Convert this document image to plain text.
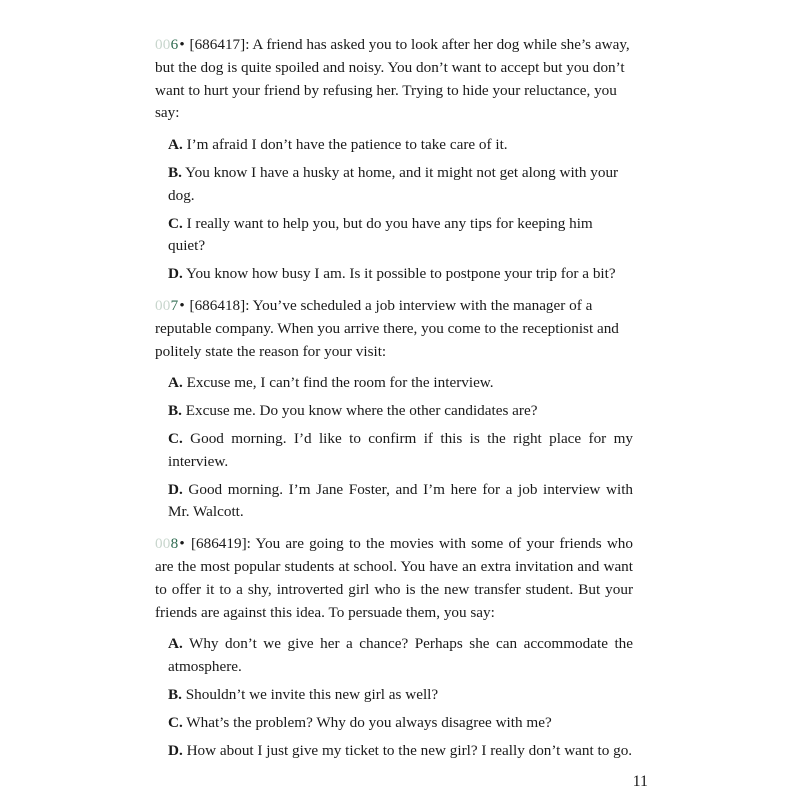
006• [686417]: A friend has asked you to look after her dog while she’s away, but the dog is quite spoiled and noisy. You don’t want to accept but you don’t want to hurt your friend by refusing her. Trying to hide your reluctance, you say:

A. I’m afraid I don’t have the patience to take care of it.
B. You know I have a husky at home, and it might not get along with your dog.
C. I really want to help you, but do you have any tips for keeping him quiet?
D. You know how busy I am. Is it possible to postpone your trip for a bit?

007• [686418]: You’ve scheduled a job interview with the manager of a reputable company. When you arrive there, you come to the receptionist and politely state the reason for your visit:

A. Excuse me, I can’t find the room for the interview.
B. Excuse me. Do you know where the other candidates are?
C. Good morning. I’d like to confirm if this is the right place for my interview.
D. Good morning. I’m Jane Foster, and I’m here for a job interview with Mr. Walcott.

008• [686419]: You are going to the movies with some of your friends who are the most popular students at school. You have an extra invitation and want to offer it to a shy, introverted girl who is the new transfer student. But your friends are against this idea. To persuade them, you say:

A. Why don’t we give her a chance? Perhaps she can accommodate the atmosphere.
B. Shouldn’t we invite this new girl as well?
C. What’s the problem? Why do you always disagree with me?
D. How about I just give my ticket to the new girl? I really don’t want to go.
11
